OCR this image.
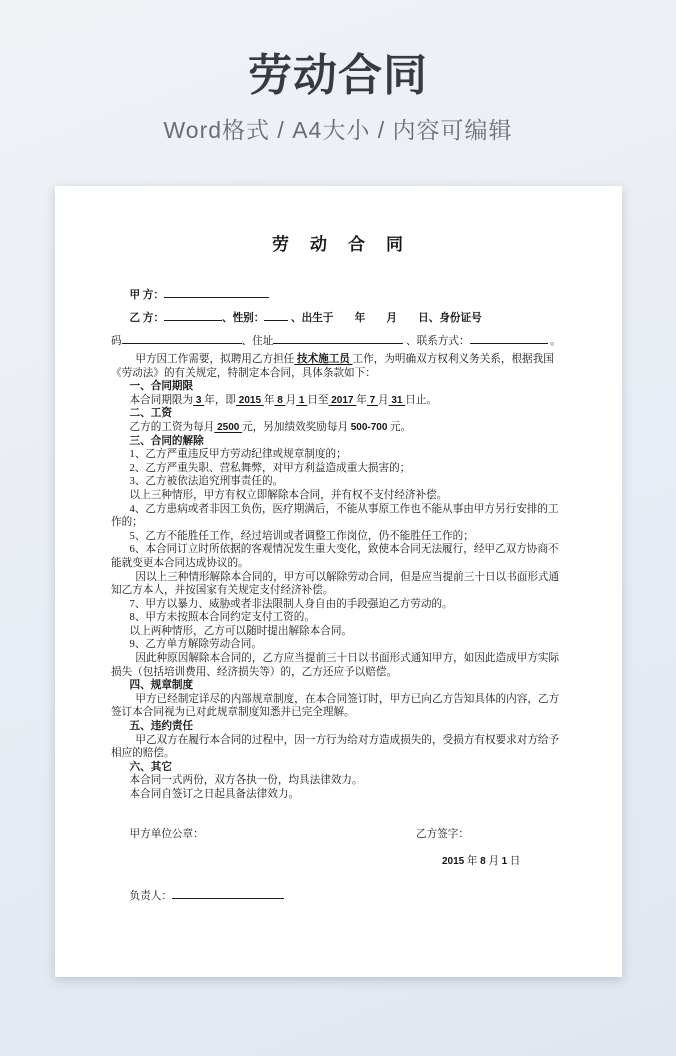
劳动合同
Word格式 / A4大小 / 内容可编辑

劳　动　合　同

甲 方：

乙 方：	、性别： 、出生于　　年　　月　　日、身份证号

码	、住址	、联系方式：	。

甲方因工作需要，拟聘用乙方担任 技术施工员 工作，为明确双方权利义务关系，根据我国《劳动法》的有关规定，特制定本合同，具体条款如下：

一、合同期限

本合同期限为 3 年，即 2015 年 8 月 1 日至 2017 年 7 月 31 日止。

二、工资

乙方的工资为每月 2500 元，另加绩效奖励每月 500-700 元。

三、合同的解除

1、乙方严重违反甲方劳动纪律或规章制度的；

2、乙方严重失职、营私舞弊，对甲方利益造成重大损害的；

3、乙方被依法追究刑事责任的。

以上三种情形，甲方有权立即解除本合同，并有权不支付经济补偿。

4、乙方患病或者非因工负伤，医疗期满后，不能从事原工作也不能从事由甲方另行安排的工作的；

5、乙方不能胜任工作，经过培训或者调整工作岗位，仍不能胜任工作的；

6、本合同订立时所依据的客观情况发生重大变化，致使本合同无法履行，经甲乙双方协商不能就变更本合同达成协议的。

因以上三种情形解除本合同的，甲方可以解除劳动合同，但是应当提前三十日以书面形式通知乙方本人，并按国家有关规定支付经济补偿。

7、甲方以暴力、威胁或者非法限制人身自由的手段强迫乙方劳动的。

8、甲方未按照本合同约定支付工资的。

以上两种情形，乙方可以随时提出解除本合同。

9、乙方单方解除劳动合同。

因此种原因解除本合同的，乙方应当提前三十日以书面形式通知甲方，如因此造成甲方实际损失（包括培训费用、经济损失等）的，乙方还应予以赔偿。

四、规章制度

甲方已经制定详尽的内部规章制度，在本合同签订时，甲方已向乙方告知具体的内容，乙方签订本合同视为已对此规章制度知悉并已完全理解。

五、违约责任

甲乙双方在履行本合同的过程中，因一方行为给对方造成损失的，受损方有权要求对方给予相应的赔偿。

六、其它

本合同一式两份，双方各执一份，均具法律效力。

本合同自签订之日起具备法律效力。

甲方单位公章：	乙方签字：

2015 年 8 月 1 日

负责人：
